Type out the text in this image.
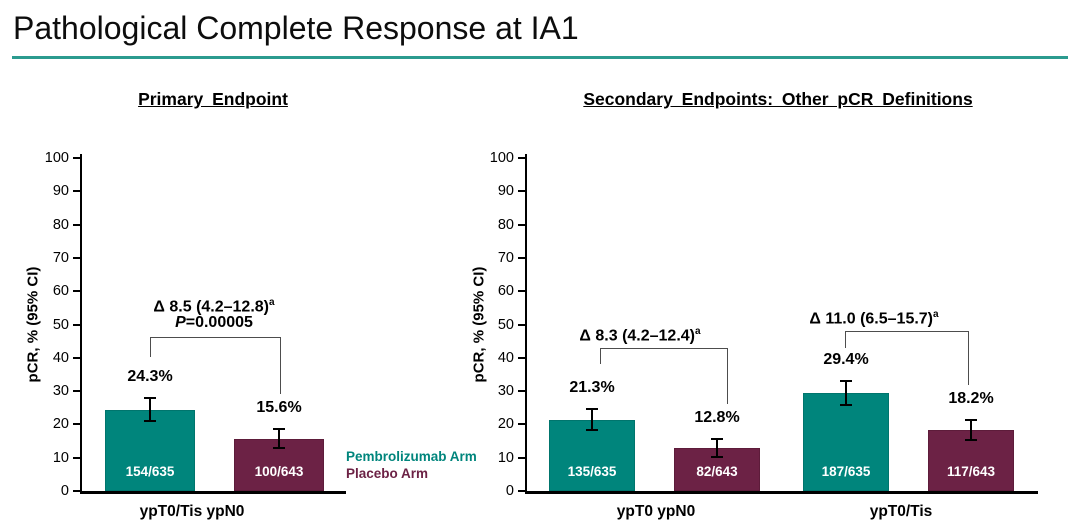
Pathological Complete Response at IA1
Primary Endpoint
0
10
20
30
40
50
60
70
80
90
100
pCR, % (95% CI)
154/635
24.3%
100/643
15.6%
ypT0/Tis ypN0
Δ 8.5 $(4.2-12.8)^a$
P=0.00005
Secondary Endpoints: Other pCR Definitions
0
10
20
30
40
50
60
70
80
90
100
pCR, % (95% CI)
135/635
21.3%
82/643
12.8%
ypT0 ypN0
Δ 8.3 $(4.2-12.4)^a$
187/635
29.4%
117/643
18.2%
ypT0/Tis
Δ 11.0 $(6.5-15.7)^a$
Pembrolizumab Arm
Placebo Arm
